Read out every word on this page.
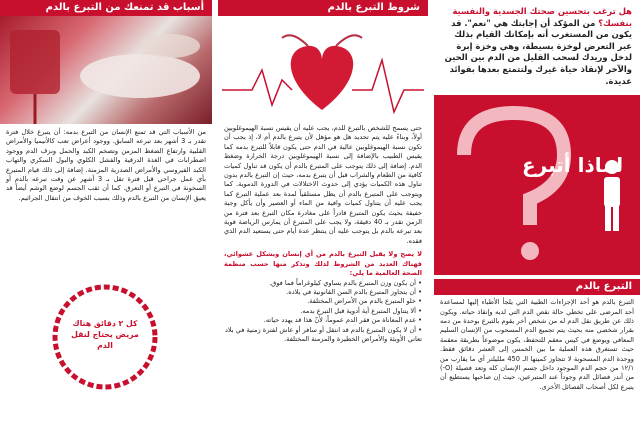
هل ترغب بتحسين صحتك الجسدية والنفسية بنفسك؟ من المؤكد أن إجابتك هي "نعم". قد يكون من المستغرب أنه بإمكانك القيام بذلك عبر التعرض لوخزة بسيطة، وهي وخزة إبرة لدخل وريدك لسحب القليل من الدم بين الحين والآخر لإنقاذ حياة غيرك ولتتمتع بعدها بفوائد عديدة.
لماذا أتبرع
التبرع بالدم
التبرع بالدم هو أحد الإجراءات الطبية التي يلجأ الأطباء إليها لمساعدة أحد المرضى على تخطي حالة نقص الدم التي لديه وإنقاذ حياته. ويكون ذلك عن طريق نقل الدم له من شخص آخر يقوم بالتبرع بوحدة من دمه بقرار شخصي منه بحيث يتم تجميع الدم المسحوب من الإنسان السليم المعافي ويوضع في كيس معقم للتحفظ، يكون موضوعاً بطريقة معقمة حيث تستغرق هذه العملية ما بين الخمس إلى العشر دقائق فقط. ووحدة الدم المسحوبة لا تتجاوز كميتها الـ 450 ملليلتر أي ما يقارب من ١٢/١ من حجم الدم الموجود داخل جسم الإنسان كله وتعد فصيلة (O-) من أندر فصائل الدم وجوداً عند المتبرعين، حيث إن صاحبها يستطيع أن يتبرع لكل أصحاب الفصائل الأخرى.
شروط التبرع بالدم
حتى يسمح للشخص بالتبرع للدم، يجب عليه أن يقيس نسبة الهيموغلوبين أولاً، وبناءً عليه يتم تحديد هل هو مؤهل لأن يتبرع بالدم أم لا، إذ يجب أن تكون نسبة الهيموغلوبين عالية في الدم حتى يكون قابلاً للتبرع بدمه كما يقيس الطبيب بالإضافة إلى نسبة الهيموغلوبين درجة الحرارة وضغط الدم. إضافة إلى ذلك يتوجب على المتبرع بالدم أن يكون قد تناول كميات كافية من الطعام والشراب قبل أن يتبرع بدمه، حيث إن التبرع بالدم بدون تناول هذه الكميات يؤدي إلى حدوث الاختلالات في الدورة الدموية. كما ويتوجب على المتبرع بالدم أن يظل مستلقياً لمدة بعد عملية التبرع كما يجب عليه أن يتناول كميات وافية من الماء أو العصير وأن يأكل وجبة خفيفة بحيث يكون المتبرع قادراً على مغادرة مكان التبرع بعد فترة من الزمن تقدر بـ 40 دقيقة، ولا يجب على المتبرع أن يمارس الرياضة قوية بعد تبرعه بالدم بل يتوجب عليه أن ينتظر عدة أيام حتى يستعيد الدم الذي فقده.
لا يصح ولا يقبل التبرع بالدم من أي إنسان وبشكل عشوائي، فهناك العديد من الشروط لذلك وتذكر منها حسب منظمة الصحة العالمية ما يلي:
• أن يكون وزن المتبرع بالدم يساوي كيلوغراماً فما فوق.
• أن يتجاوز المتبرع بالدم السن القانونية في بلاده.
• خلو المتبرع بالدم من الأمراض المختلفة.
• ألا يتناول المتبرع أية أدوية قبل التبرع بدمه.
• عدم المعاناة من فقر الدم عموماً، لأنّ هذا قد يهدد حياته.
• أن لا يكون المتبرع بالدم قد انتقل أو سافر أو عاش لفترة زمنية في بلاد تعاني الأوبئة والأمراض الخطيرة والمزمنة المختلفة.
أسباب قد تمنعك من التبرع بالدم
من الأسباب التي قد تمنع الإنسان من التبرع بدمه: أن يتبرع خلال فترة تقدر بـ 3 أشهر بعد تبرعه السابق. ووجود أعراض تعب كالأنيميا والأمراض القلبية وارتفاع الضغط المزمن وتضخم الكبد والحمل ونزف الدم ووجود اضطرابات في الغدة الدرقية والفشل الكلوي والبول السكري والتهاب الكبد الفيروسي والأمراض الصدرية المزمنة. إضافة إلى ذلك قيام المتبرع بأي عمل جراحي قبل فترة تقل بـ 3 أشهر عن وقت تبرعه بالدم أو السخونة في التبرع أو التعرق. كما أن ثقب الجسم لوضع الوشم أيضاً قد يعيق الإنسان من التبرع بالدم وذلك بسبب الخوف من انتقال الجراثيم.
كل ٢ دقائق هناك مريض يحتاج لنقل الدم
